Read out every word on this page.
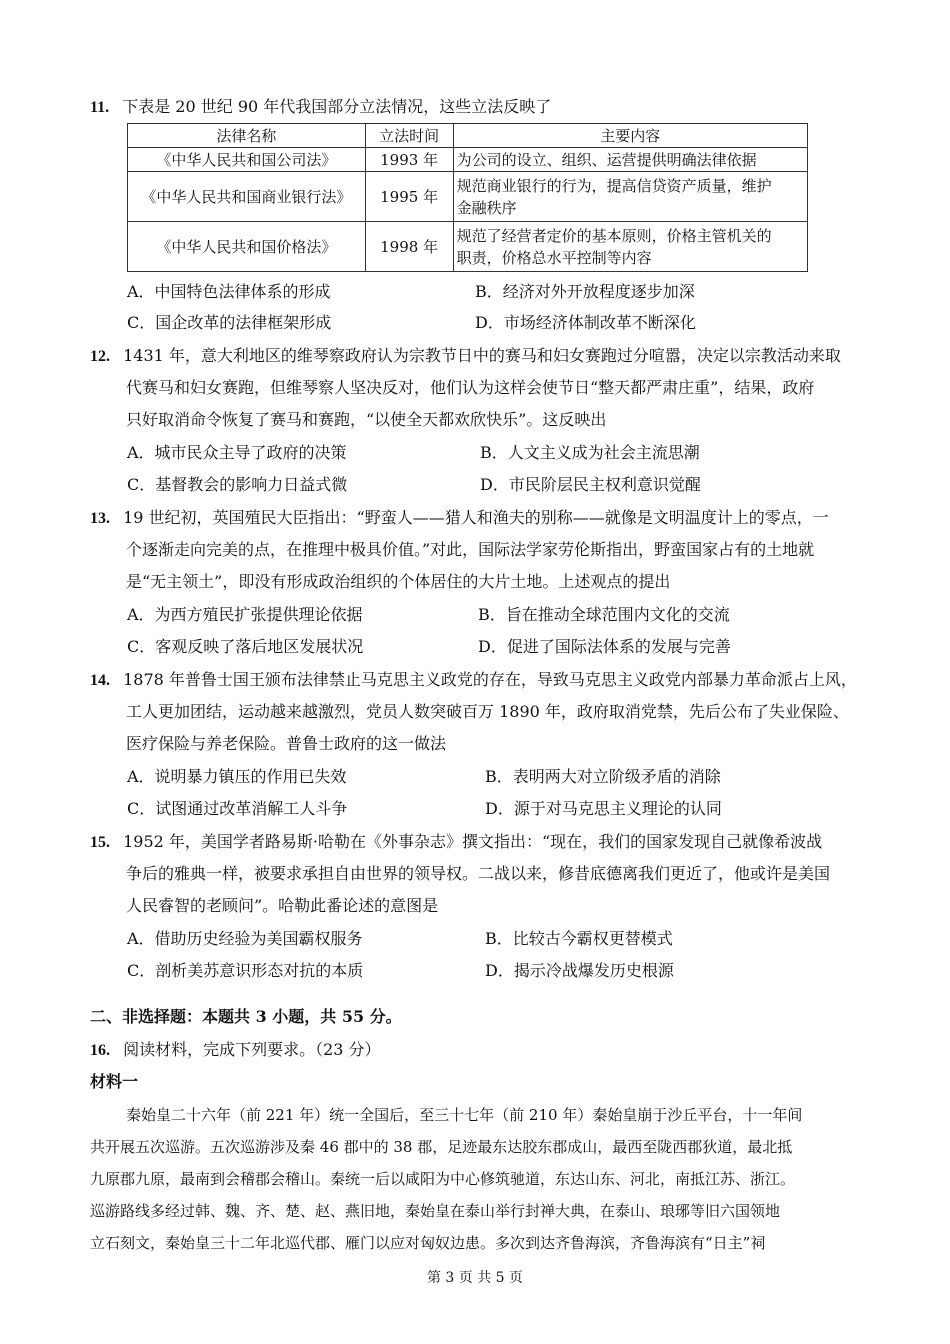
11. 下表是 20 世纪 90 年代我国部分立法情况，这些立法反映了
法律名称	立法时间	主要内容
《中华人民共和国公司法》	1993 年	为公司的设立、组织、运营提供明确法律依据
《中华人民共和国商业银行法》	1995 年	规范商业银行的行为，提高信贷资产质量，维护
金融秩序

《中华人民共和国价格法》	1998 年	规范了经营者定价的基本原则，价格主管机关的
职责，价格总水平控制等内容
A．中国特色法律体系的形成	B．经济对外开放程度逐步加深
C．国企改革的法律框架形成	D．市场经济体制改革不断深化
12. 1431 年，意大利地区的维琴察政府认为宗教节日中的赛马和妇女赛跑过分喧嚣，决定以宗教活动来取
代赛马和妇女赛跑，但维琴察人坚决反对，他们认为这样会使节日“整天都严肃庄重”，结果，政府
只好取消命令恢复了赛马和赛跑，“以使全天都欢欣快乐”。这反映出
A．城市民众主导了政府的决策	B．人文主义成为社会主流思潮
C．基督教会的影响力日益式微	D．市民阶层民主权利意识觉醒
13. 19 世纪初，英国殖民大臣指出：“野蛮人——猎人和渔夫的别称——就像是文明温度计上的零点，一
个逐渐走向完美的点，在推理中极具价值。”对此，国际法学家劳伦斯指出，野蛮国家占有的土地就
是“无主领土”，即没有形成政治组织的个体居住的大片土地。上述观点的提出
A．为西方殖民扩张提供理论依据	B．旨在推动全球范围内文化的交流
C．客观反映了落后地区发展状况	D．促进了国际法体系的发展与完善
14. 1878 年普鲁士国王颁布法律禁止马克思主义政党的存在，导致马克思主义政党内部暴力革命派占上风，
工人更加团结，运动越来越激烈，党员人数突破百万 1890 年，政府取消党禁，先后公布了失业保险、
医疗保险与养老保险。普鲁士政府的这一做法
A．说明暴力镇压的作用已失效	B．表明两大对立阶级矛盾的消除
C．试图通过改革消解工人斗争	D．源于对马克思主义理论的认同
15. 1952 年，美国学者路易斯·哈勒在《外事杂志》撰文指出：“现在，我们的国家发现自己就像希波战
争后的雅典一样，被要求承担自由世界的领导权。二战以来，修昔底德离我们更近了，他或许是美国
人民睿智的老顾问”。哈勒此番论述的意图是
A．借助历史经验为美国霸权服务	B．比较古今霸权更替模式
C．剖析美苏意识形态对抗的本质	D．揭示冷战爆发历史根源
二、非选择题：本题共 3 小题，共 55 分。
16. 阅读材料，完成下列要求。（23 分）
材料一
秦始皇二十六年（前 221 年）统一全国后，至三十七年（前 210 年）秦始皇崩于沙丘平台，十一年间
共开展五次巡游。五次巡游涉及秦 46 郡中的 38 郡，足迹最东达胶东郡成山，最西至陇西郡狄道，最北抵
九原郡九原，最南到会稽郡会稽山。秦统一后以咸阳为中心修筑驰道，东达山东、河北，南抵江苏、浙江。
巡游路线多经过韩、魏、齐、楚、赵、燕旧地，秦始皇在泰山举行封禅大典，在泰山、琅琊等旧六国领地
立石刻文，秦始皇三十二年北巡代郡、雁门以应对匈奴边患。多次到达齐鲁海滨，齐鲁海滨有“日主”祠
第 3 页 共 5 页
